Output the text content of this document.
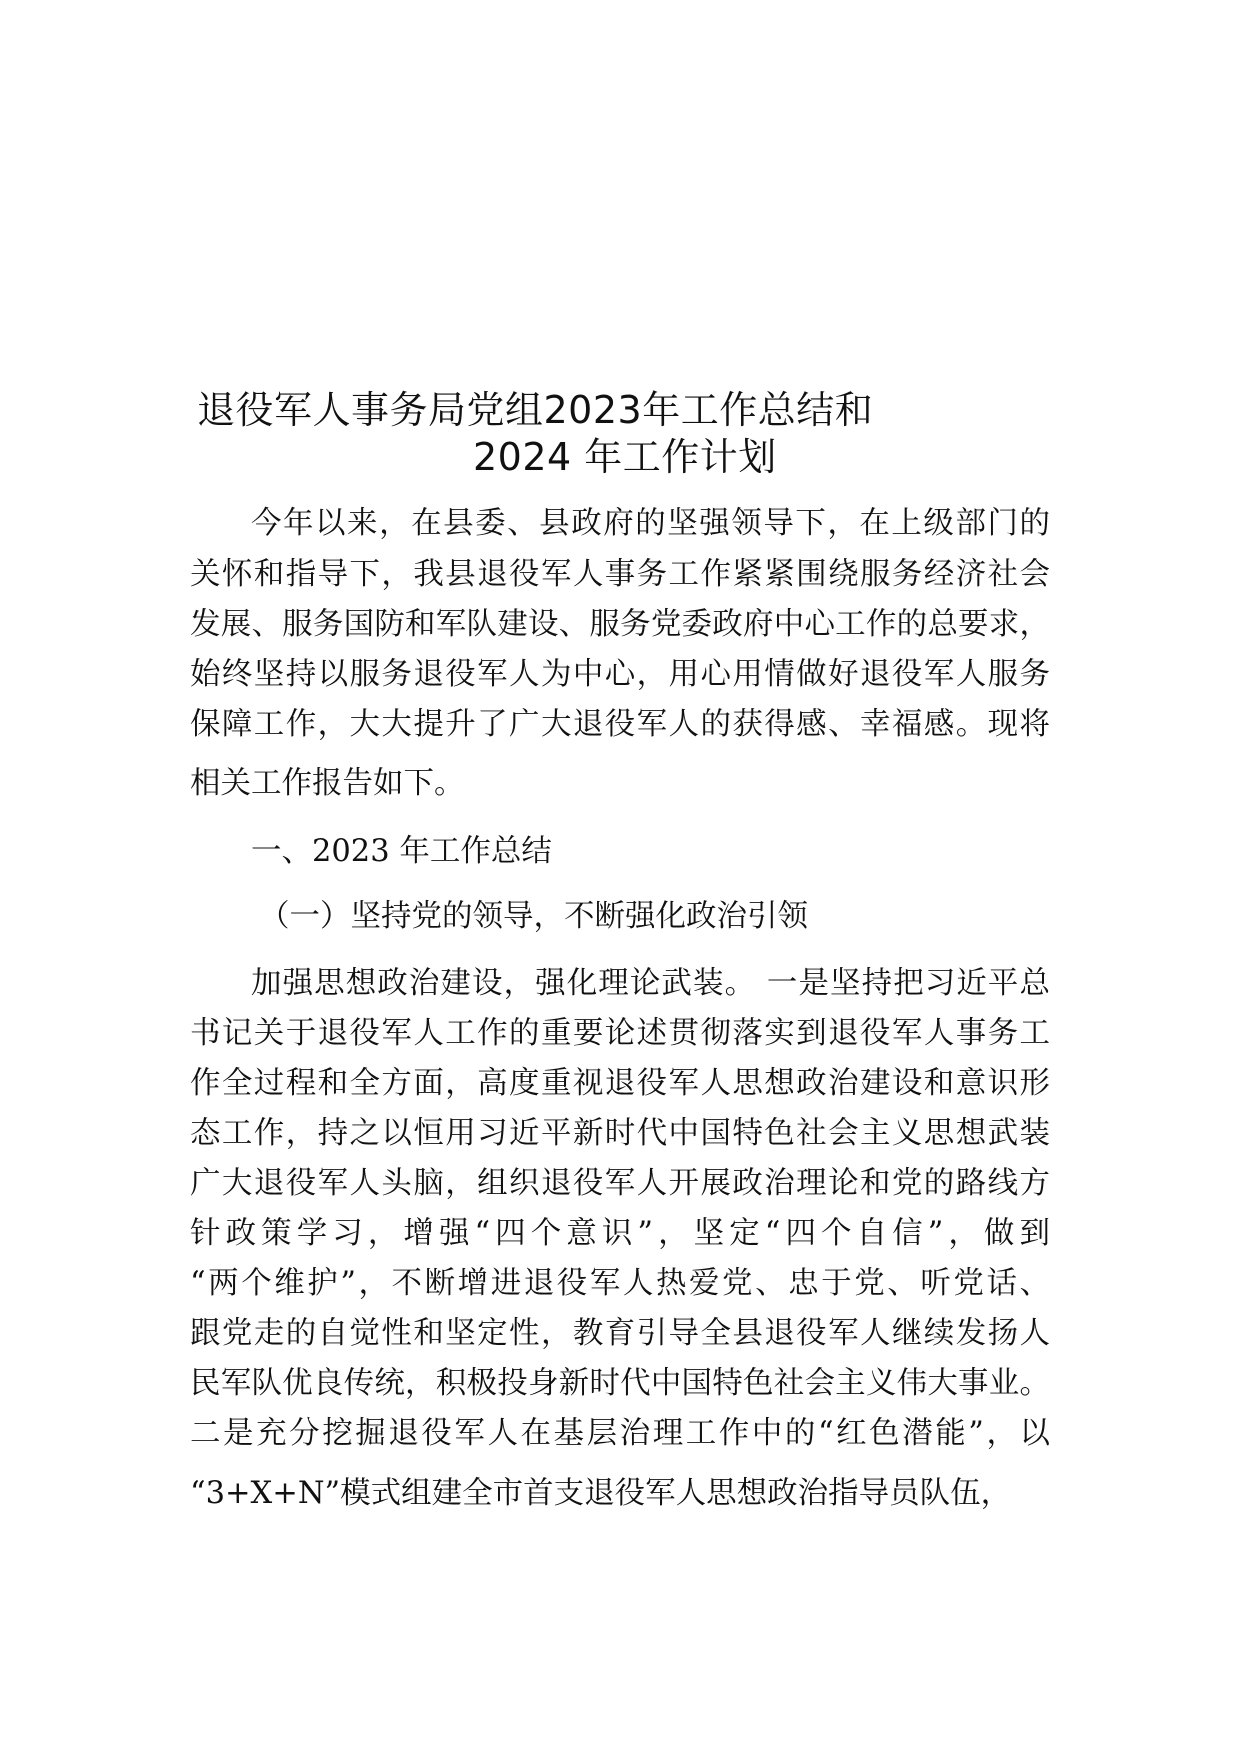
退役军人事务局党组2023年工作总结和
2024 年工作计划
今年以来，在县委、县政府的坚强领导下，在上级部门的
关怀和指导下，我县退役军人事务工作紧紧围绕服务经济社会
发展、服务国防和军队建设、服务党委政府中心工作的总要求，
始终坚持以服务退役军人为中心，用心用情做好退役军人服务
保障工作，大大提升了广大退役军人的获得感、幸福感。现将
相关工作报告如下。
一、2023 年工作总结
（一）坚持党的领导，不断强化政治引领
加强思想政治建设，强化理论武装。 一是坚持把习近平总
书记关于退役军人工作的重要论述贯彻落实到退役军人事务工
作全过程和全方面，高度重视退役军人思想政治建设和意识形
态工作，持之以恒用习近平新时代中国特色社会主义思想武装
广大退役军人头脑，组织退役军人开展政治理论和党的路线方
针政策学习，增强“四个意识”，坚定“四个自信”，做到
“两个维护”，不断增进退役军人热爱党、忠于党、听党话、
跟党走的自觉性和坚定性，教育引导全县退役军人继续发扬人
民军队优良传统，积极投身新时代中国特色社会主义伟大事业。
二是充分挖掘退役军人在基层治理工作中的“红色潜能”，以
“3+X+N”模式组建全市首支退役军人思想政治指导员队伍，
